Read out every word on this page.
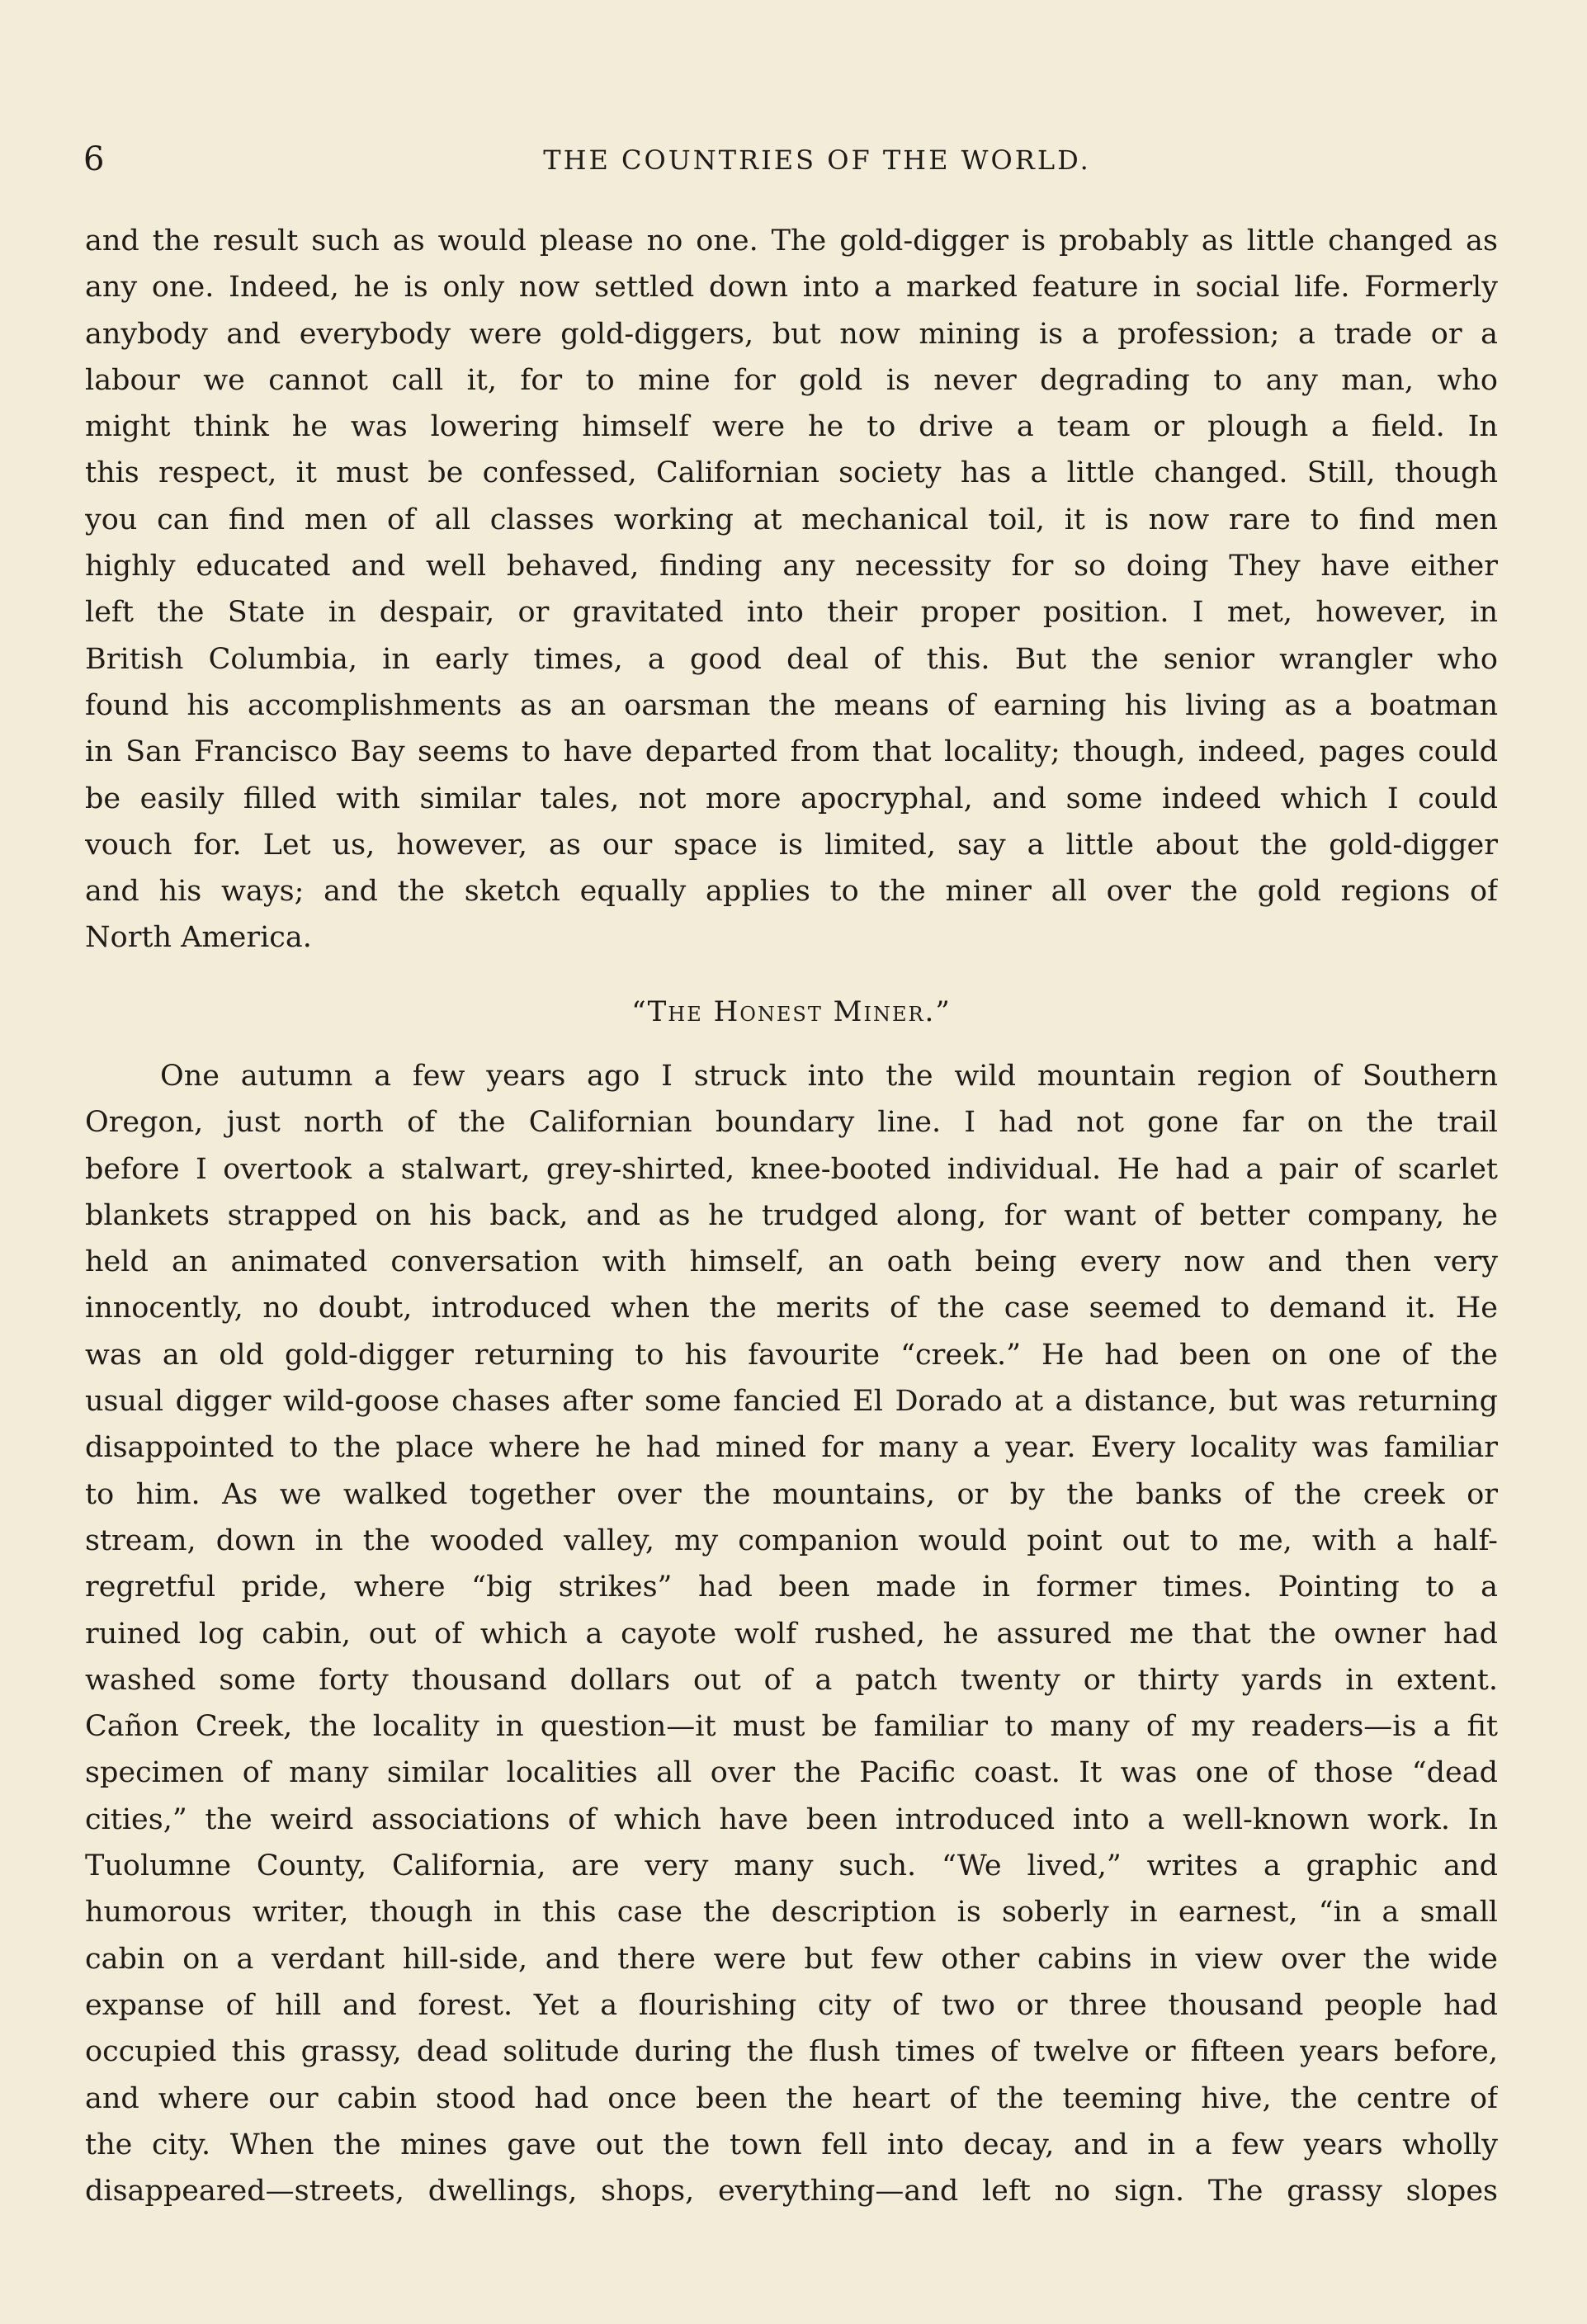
6	THE COUNTRIES OF THE WORLD.
and the result such as would please no one. The gold-digger is probably as little changed as
any one. Indeed, he is only now settled down into a marked feature in social life. Formerly
anybody and everybody were gold-diggers, but now mining is a profession; a trade or a
labour we cannot call it, for to mine for gold is never degrading to any man, who
might think he was lowering himself were he to drive a team or plough a field. In
this respect, it must be confessed, Californian society has a little changed. Still, though
you can find men of all classes working at mechanical toil, it is now rare to find men
highly educated and well behaved, finding any necessity for so doing They have either
left the State in despair, or gravitated into their proper position. I met, however, in
British Columbia, in early times, a good deal of this. But the senior wrangler who
found his accomplishments as an oarsman the means of earning his living as a boatman
in San Francisco Bay seems to have departed from that locality; though, indeed, pages could
be easily filled with similar tales, not more apocryphal, and some indeed which I could
vouch for. Let us, however, as our space is limited, say a little about the gold-digger
and his ways; and the sketch equally applies to the miner all over the gold regions of
North America.
“The Honest Miner.”
One autumn a few years ago I struck into the wild mountain region of Southern
Oregon, just north of the Californian boundary line. I had not gone far on the trail
before I overtook a stalwart, grey-shirted, knee-booted individual. He had a pair of scarlet
blankets strapped on his back, and as he trudged along, for want of better company, he
held an animated conversation with himself, an oath being every now and then very
innocently, no doubt, introduced when the merits of the case seemed to demand it. He
was an old gold-digger returning to his favourite “creek.” He had been on one of the
usual digger wild-goose chases after some fancied El Dorado at a distance, but was returning
disappointed to the place where he had mined for many a year. Every locality was familiar
to him. As we walked together over the mountains, or by the banks of the creek or
stream, down in the wooded valley, my companion would point out to me, with a half-
regretful pride, where “big strikes” had been made in former times. Pointing to a
ruined log cabin, out of which a cayote wolf rushed, he assured me that the owner had
washed some forty thousand dollars out of a patch twenty or thirty yards in extent.
Cañon Creek, the locality in question—it must be familiar to many of my readers—is a fit
specimen of many similar localities all over the Pacific coast. It was one of those “dead
cities,” the weird associations of which have been introduced into a well-known work. In
Tuolumne County, California, are very many such. “We lived,” writes a graphic and
humorous writer, though in this case the description is soberly in earnest, “in a small
cabin on a verdant hill-side, and there were but few other cabins in view over the wide
expanse of hill and forest. Yet a flourishing city of two or three thousand people had
occupied this grassy, dead solitude during the flush times of twelve or fifteen years before,
and where our cabin stood had once been the heart of the teeming hive, the centre of
the city. When the mines gave out the town fell into decay, and in a few years wholly
disappeared—streets, dwellings, shops, everything—and left no sign. The grassy slopes
